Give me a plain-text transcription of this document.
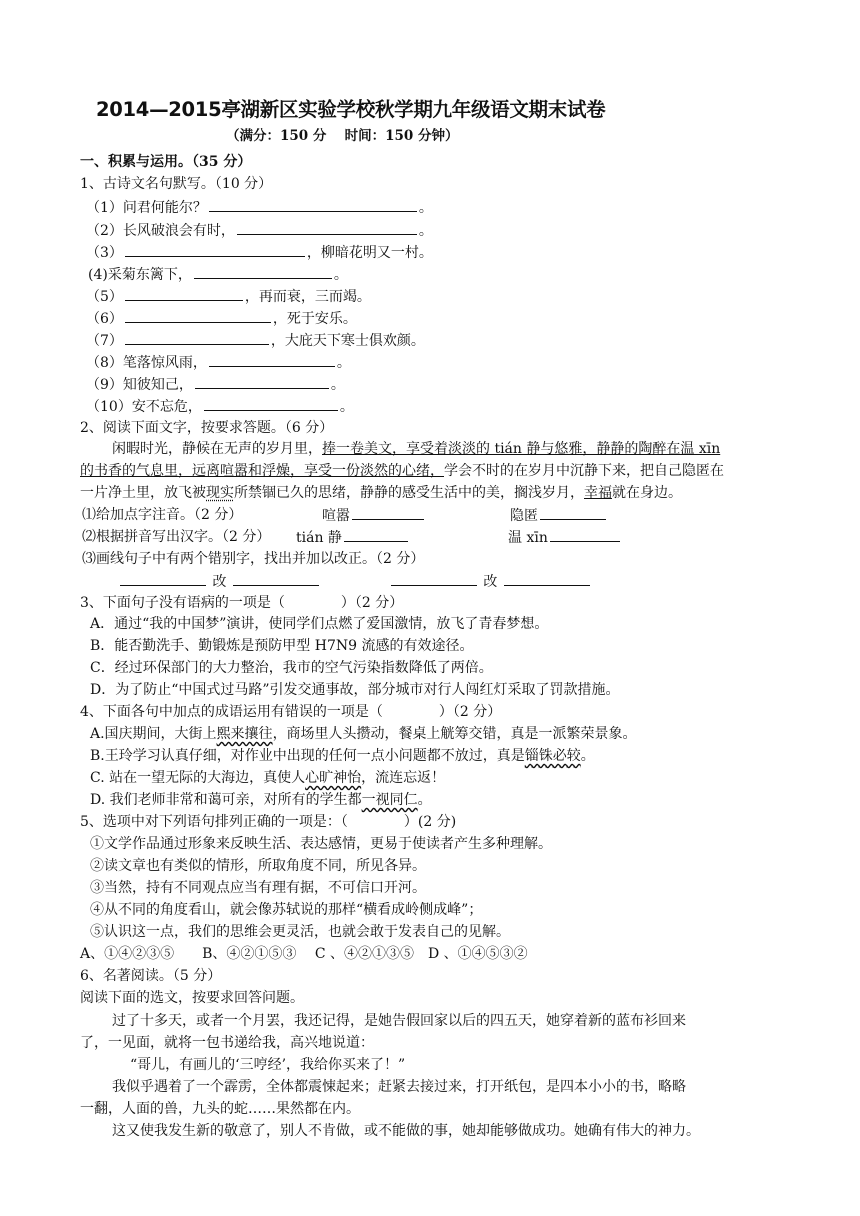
2014—2015亭湖新区实验学校秋学期九年级语文期末试卷
（满分：150 分　 时间：150 分钟）
一、积累与运用。（35 分）
1、古诗文名句默写。（10 分）
（1）问君何能尔？	。
（2）长风破浪会有时，	。
（3）	，柳暗花明又一村。
(4)采菊东篱下，	。
（5）	，再而衰，三而竭。
（6）	，死于安乐。
（7）	，大庇天下寒士俱欢颜。
（8）笔落惊风雨，	。
（9）知彼知己，	。
（10）安不忘危，	。
2、阅读下面文字，按要求答题。（6 分）
闲暇时光，静候在无声的岁月里，捧一卷美文，享受着淡淡的 tián 静与悠雅，静静的陶醉在温 xīn
的书香的气息里，远离喧嚣和浮燥，享受一份淡然的心绪，学会不时的在岁月中沉静下来，把自己隐匿在
一片净土里，放飞被现实所禁锢已久的思绪，静静的感受生活中的美，搁浅岁月，幸福就在身边。
⑴给加点字注音。（2 分）	喧嚣	隐匿
⑵根据拼音写出汉字。（2 分） tián 静	温 xīn
⑶画线句子中有两个错别字，找出并加以改正。（2 分）
改	改
3、下面句子没有语病的一项是（　　　　）（2 分）
A．通过“我的中国梦”演讲，使同学们点燃了爱国激情，放飞了青春梦想。
B．能否勤洗手、勤锻炼是预防甲型 H7N9 流感的有效途径。
C．经过环保部门的大力整治，我市的空气污染指数降低了两倍。
D．为了防止“中国式过马路”引发交通事故，部分城市对行人闯红灯采取了罚款措施。
4、下面各句中加点的成语运用有错误的一项是（　　　　）（2 分）
A.国庆期间，大街上熙来攘往，商场里人头攒动，餐桌上觥筹交错，真是一派繁荣景象。
B.王玲学习认真仔细，对作业中出现的任何一点小问题都不放过，真是锱铢必较。
C. 站在一望无际的大海边，真使人心旷神怡，流连忘返！
D. 我们老师非常和蔼可亲，对所有的学生都一视同仁。
5、选项中对下列语句排列正确的一项是：（　　　　）(2 分)
①文学作品通过形象来反映生活、表达感情，更易于使读者产生多种理解。
②读文章也有类似的情形，所取角度不同，所见各异。
③当然，持有不同观点应当有理有据，不可信口开河。
④从不同的角度看山，就会像苏轼说的那样“横看成岭侧成峰”；
⑤认识这一点，我们的思维会更灵活，也就会敢于发表自己的见解。
A、①④②③⑤　　B、④②①⑤③　 C 、④②①③⑤　D 、①④⑤③②
6、名著阅读。（5 分）
阅读下面的选文，按要求回答问题。
过了十多天，或者一个月罢，我还记得，是她告假回家以后的四五天，她穿着新的蓝布衫回来
了，一见面，就将一包书递给我，高兴地说道：
“哥儿，有画儿的‘三哼经’，我给你买来了！”
我似乎遇着了一个霹雳，全体都震悚起来；赶紧去接过来，打开纸包，是四本小小的书，略略
一翻，人面的兽，九头的蛇……果然都在内。
这又使我发生新的敬意了，别人不肯做，或不能做的事，她却能够做成功。她确有伟大的神力。
